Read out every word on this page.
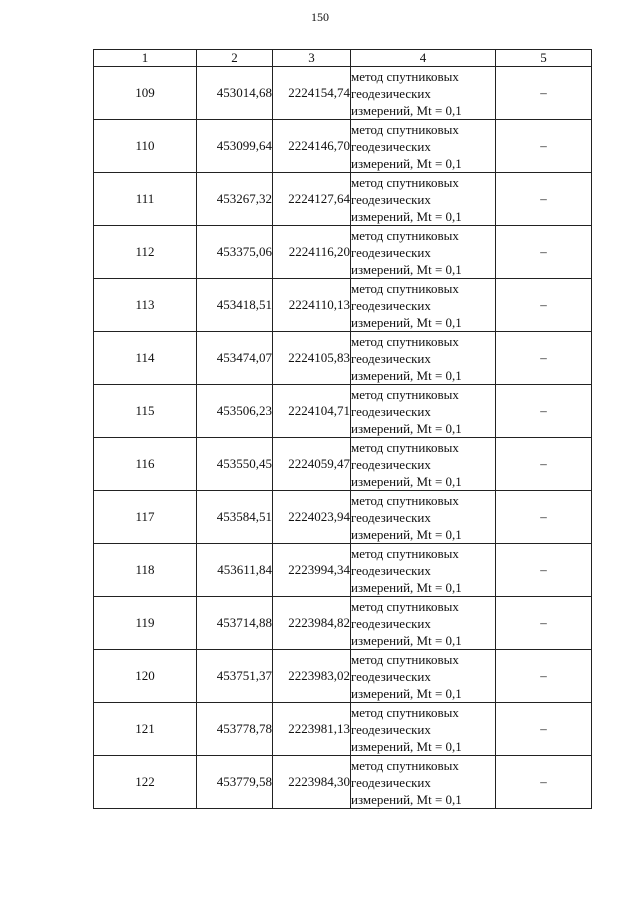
150
1	2	3	4	5
109	453014,68	2224154,74	метод спутниковых
геодезических
измерений, Mt = 0,1	–
110	453099,64	2224146,70	метод спутниковых
геодезических
измерений, Mt = 0,1	–
111	453267,32	2224127,64	метод спутниковых
геодезических
измерений, Mt = 0,1	–
112	453375,06	2224116,20	метод спутниковых
геодезических
измерений, Mt = 0,1	–
113	453418,51	2224110,13	метод спутниковых
геодезических
измерений, Mt = 0,1	–
114	453474,07	2224105,83	метод спутниковых
геодезических
измерений, Mt = 0,1	–
115	453506,23	2224104,71	метод спутниковых
геодезических
измерений, Mt = 0,1	–
116	453550,45	2224059,47	метод спутниковых
геодезических
измерений, Mt = 0,1	–
117	453584,51	2224023,94	метод спутниковых
геодезических
измерений, Mt = 0,1	–
118	453611,84	2223994,34	метод спутниковых
геодезических
измерений, Mt = 0,1	–
119	453714,88	2223984,82	метод спутниковых
геодезических
измерений, Mt = 0,1	–
120	453751,37	2223983,02	метод спутниковых
геодезических
измерений, Mt = 0,1	–
121	453778,78	2223981,13	метод спутниковых
геодезических
измерений, Mt = 0,1	–
122	453779,58	2223984,30	метод спутниковых
геодезических
измерений, Mt = 0,1	–
